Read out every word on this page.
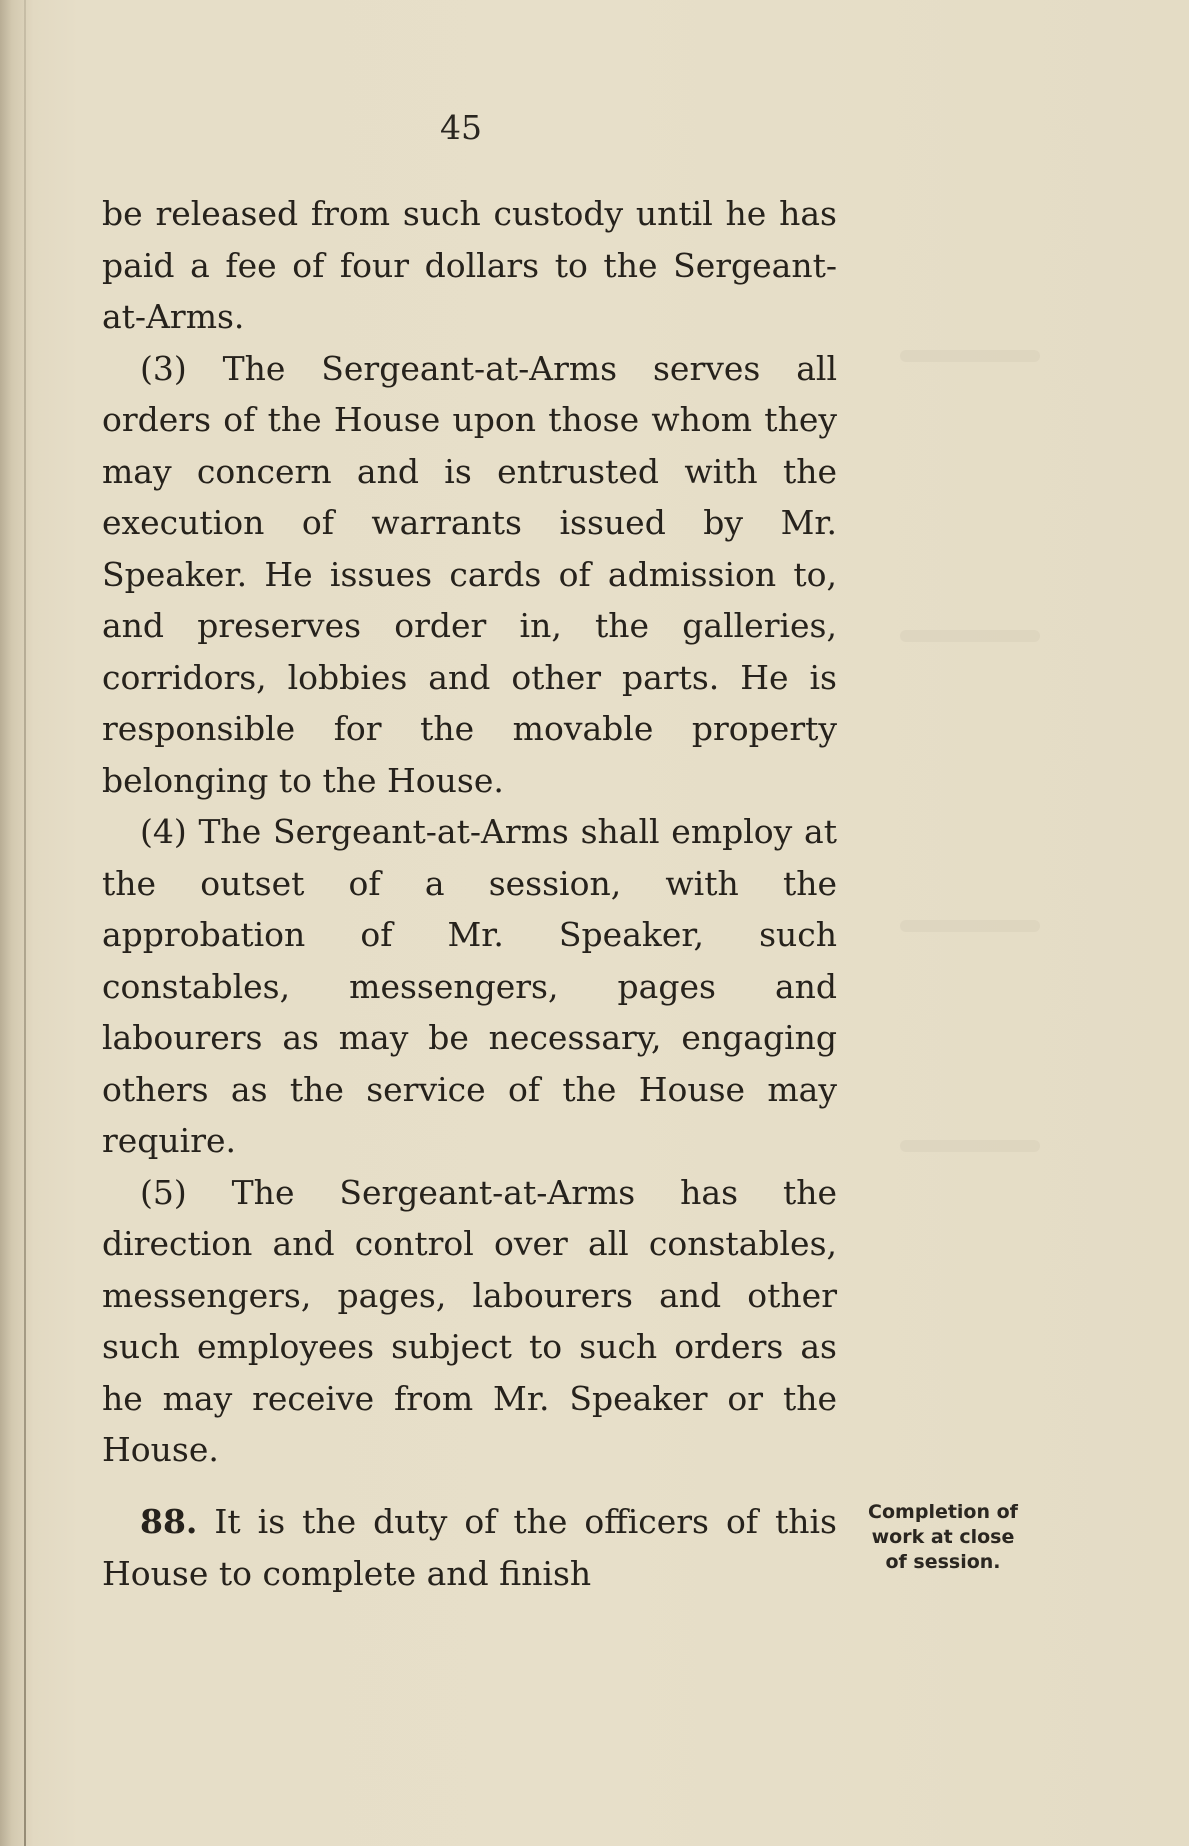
45

be released from such custody until he has paid a fee of four dollars to the Sergeant-at-Arms.

(3) The Sergeant-at-Arms serves all orders of the House upon those whom they may concern and is entrusted with the execution of warrants issued by Mr. Speaker. He issues cards of admission to, and preserves order in, the galleries, corridors, lobbies and other parts. He is responsible for the movable property belonging to the House.

(4) The Sergeant-at-Arms shall employ at the outset of a session, with the approbation of Mr. Speaker, such constables, messengers, pages and labourers as may be necessary, engaging others as the service of the House may require.

(5) The Sergeant-at-Arms has the direction and control over all constables, messengers, pages, labourers and other such employees subject to such orders as he may receive from Mr. Speaker or the House.

88. It is the duty of the officers of this House to complete and finish

Completion of
work at close
of session.
